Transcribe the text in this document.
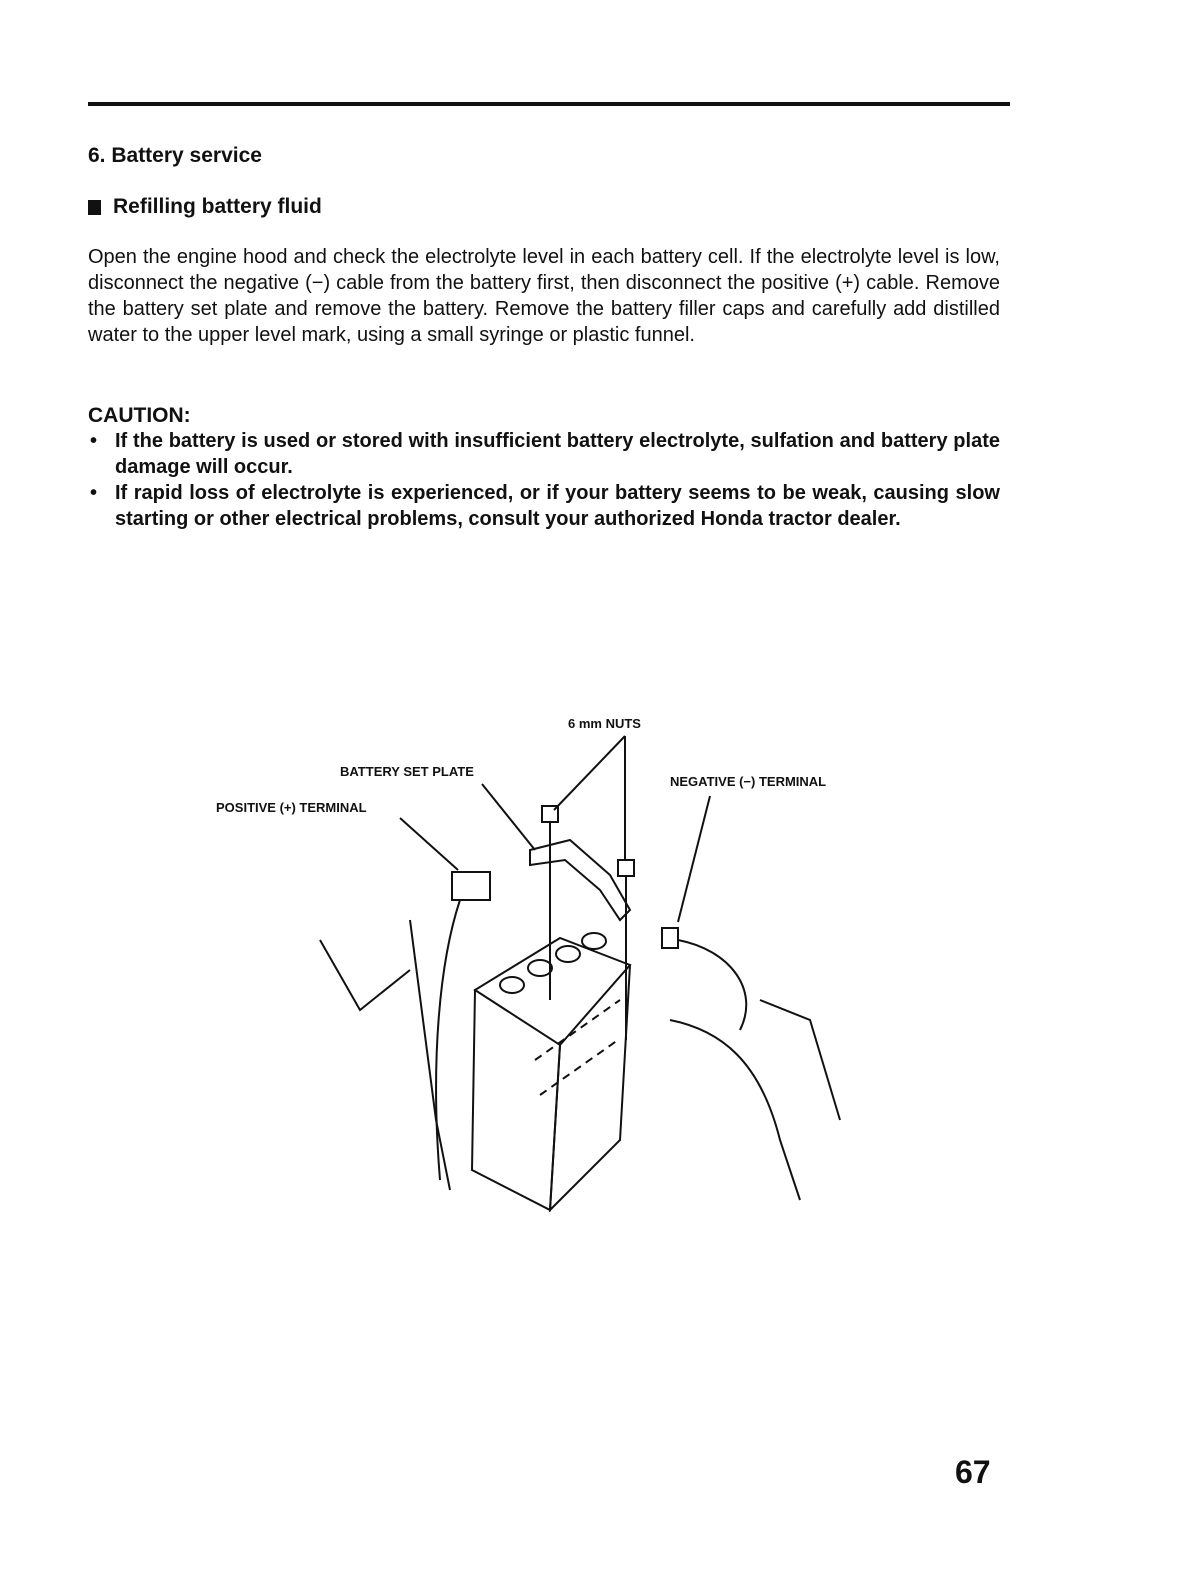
6. Battery service
Refilling battery fluid

Open the engine hood and check the electrolyte level in each battery cell. If the electrolyte level is low, disconnect the negative (−) cable from the battery first, then disconnect the positive (+) cable. Remove the battery set plate and remove the battery. Remove the battery filler caps and carefully add distilled water to the upper level mark, using a small syringe or plastic funnel.

CAUTION:
• If the battery is used or stored with insufficient battery electrolyte, sulfation and battery plate damage will occur.
• If rapid loss of electrolyte is experienced, or if your battery seems to be weak, causing slow starting or other electrical problems, consult your authorized Honda tractor dealer.
6 mm NUTS
BATTERY SET PLATE
POSITIVE (+) TERMINAL
NEGATIVE (−) TERMINAL
67
